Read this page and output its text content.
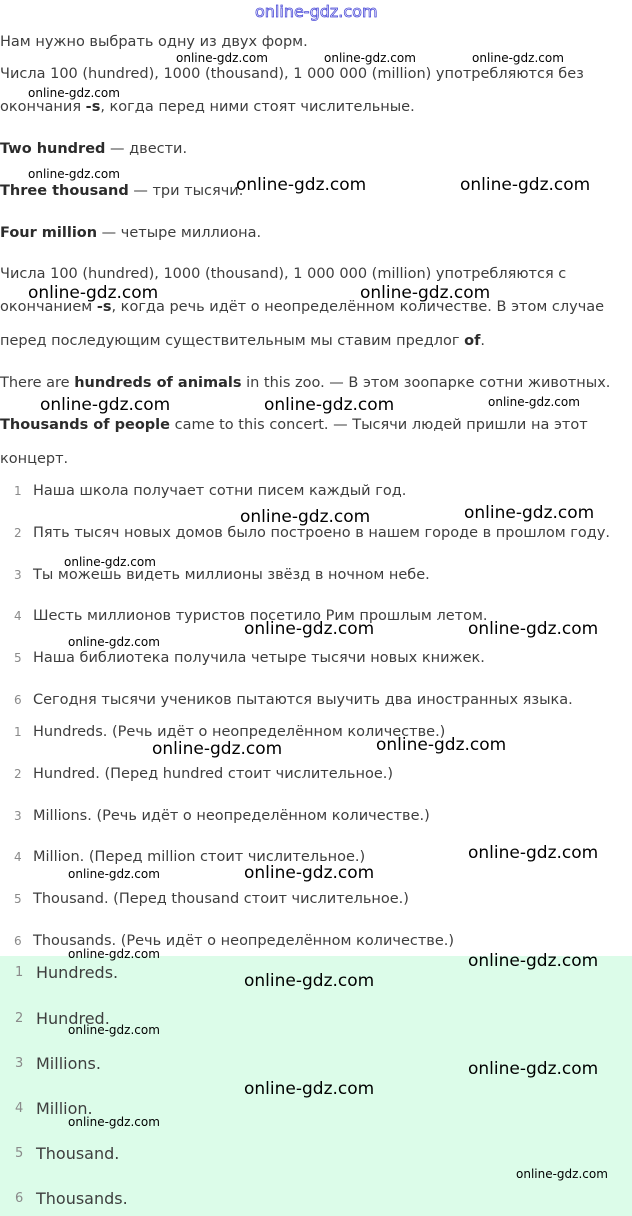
online-gdz.com
Нам нужно выбрать одну из двух форм.
Числа 100 (hundred), 1000 (thousand), 1 000 000 (million) употребляются без
окончания -s, когда перед ними стоят числительные.
Two hundred — двести.
Three thousand — три тысячи.
Four million — четыре миллиона.
Числа 100 (hundred), 1000 (thousand), 1 000 000 (million) употребляются с
окончанием -s, когда речь идёт о неопределённом количестве. В этом случае
перед последующим существительным мы ставим предлог of.
There are hundreds of animals in this zoo. — В этом зоопарке сотни животных.
Thousands of people came to this concert. — Тысячи людей пришли на этот
концерт.
1 Наша школа получает сотни писем каждый год.
2 Пять тысяч новых домов было построено в нашем городе в прошлом году.
3 Ты можешь видеть миллионы звёзд в ночном небе.
4 Шесть миллионов туристов посетило Рим прошлым летом.
5 Наша библиотека получила четыре тысячи новых книжек.
6 Сегодня тысячи учеников пытаются выучить два иностранных языка.
1 Hundreds. (Речь идёт о неопределённом количестве.)
2 Hundred. (Перед hundred стоит числительное.)
3 Millions. (Речь идёт о неопределённом количестве.)
4 Million. (Перед million стоит числительное.)
5 Thousand. (Перед thousand стоит числительное.)
6 Thousands. (Речь идёт о неопределённом количестве.)
1 Hundreds.
2 Hundred.
3 Millions.
4 Million.
5 Thousand.
6 Thousands.
online-gdz.com	online-gdz.com	online-gdz.com
online-gdz.com
online-gdz.com
online-gdz.com	online-gdz.com
online-gdz.com	online-gdz.com
online-gdz.com	online-gdz.com	online-gdz.com
online-gdz.com	online-gdz.com
online-gdz.com
online-gdz.com	online-gdz.com
online-gdz.com
online-gdz.com	online-gdz.com
online-gdz.com
online-gdz.com	online-gdz.com
online-gdz.com	online-gdz.com
online-gdz.com
online-gdz.com
online-gdz.com
online-gdz.com
online-gdz.com
online-gdz.com
